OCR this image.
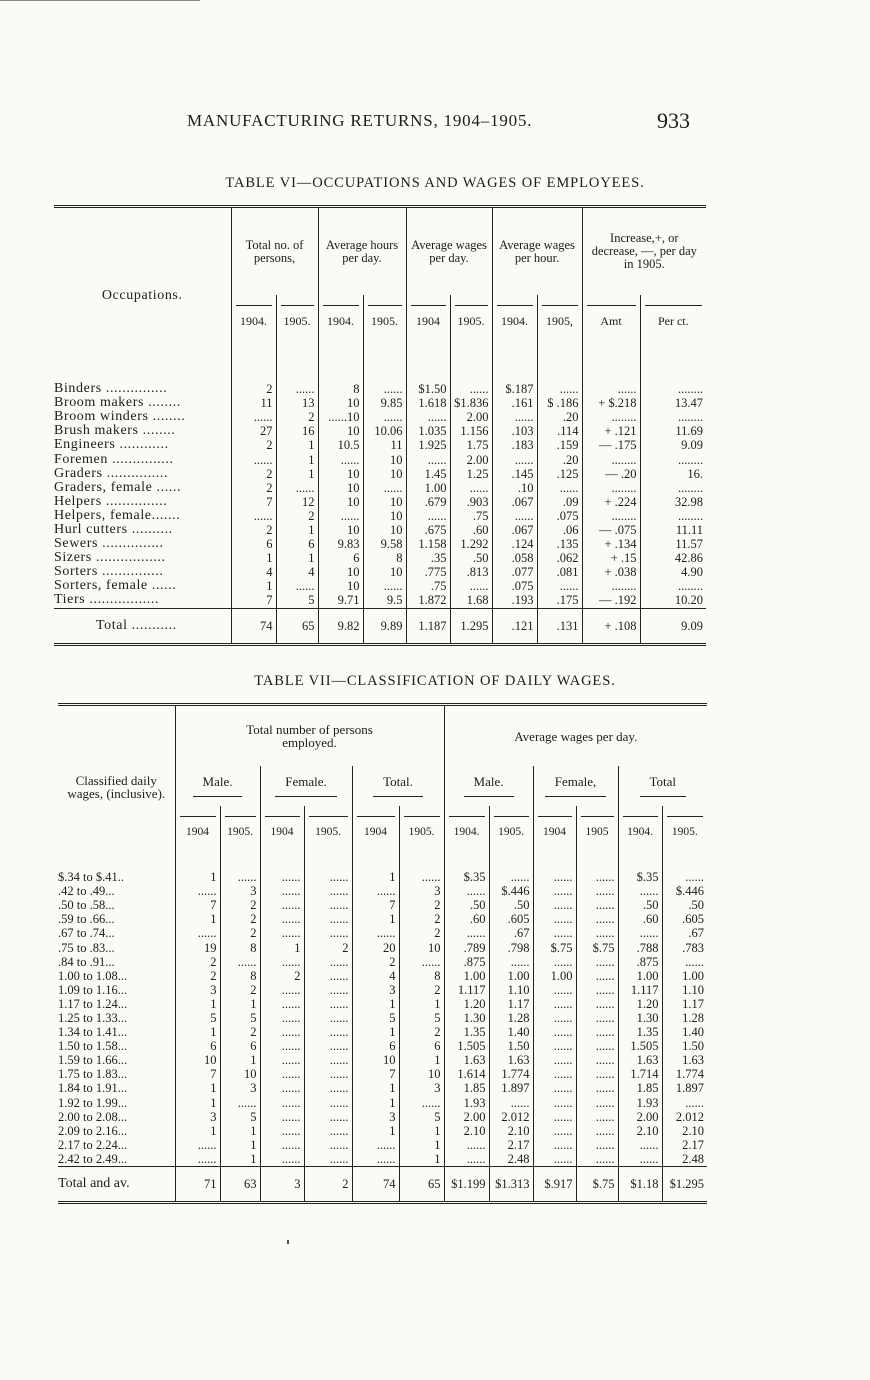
MANUFACTURING RETURNS, 1904–1905.	933
TABLE VI—OCCUPATIONS AND WAGES OF EMPLOYEES.
Occupations.	Total no. of persons,		Average hours per day.		Average wages per day.		Average wages per hour.		Increase,+, or decrease, —, per day in 1905.	

	1904.	1905.	1904.	1905.	1904	1905.	1904.	1905,	Amt	Per ct.

Binders ...............	2	......	8	......	$1.50	......	$.187	......	......	........
Broom makers ........	11	13	10	9.85	1.618	$1.836	.161	$ .186	+ $.218	13.47
Broom winders ........	......	2	......10	......	......	2.00	......	.20	........	........
Brush makers ........	27	16	10	10.06	1.035	1.156	.103	.114	+ .121	11.69
Engineers ............	2	1	10.5	11	1.925	1.75	.183	.159	— .175	9.09
Foremen ...............	......	1	......	10	......	2.00	......	.20	........	........
Graders ...............	2	1	10	10	1.45	1.25	.145	.125	— .20	16.
Graders, female ......	2	......	10	......	1.00	......	.10	......	........	........
Helpers ...............	7	12	10	10	.679	.903	.067	.09	+ .224	32.98
Helpers, female.......	......	2	......	10	......	.75	......	.075	........	........
Hurl cutters ..........	2	1	10	10	.675	.60	.067	.06	— .075	11.11
Sewers ...............	6	6	9.83	9.58	1.158	1.292	.124	.135	+ .134	11.57
Sizers .................	1	1	6	8	.35	.50	.058	.062	+ .15	42.86
Sorters ...............	4	4	10	10	.775	.813	.077	.081	+ .038	4.90
Sorters, female ......	1	......	10	......	.75	......	.075	......	........	........
Tiers .................	7	5	9.71	9.5	1.872	1.68	.193	.175	— .192	10.20
Total ...........	74	65	9.82	9.89	1.187	1.295	.121	.131	+ .108	9.09
TABLE VII—CLASSIFICATION OF DAILY WAGES.
Classified daily wages, (inclusive).	Total number of persons employed.						Average wages per day.					
	Male.		Female.		Total.		Male.		Female,		Total	

	1904	1905.	1904	1905.	1904	1905.	1904.	1905.	1904	1905	1904.	1905.

$.34 to $.41..	1	......	......	......	1	......	$.35	......	......	......	$.35	......
.42 to .49...	......	3	......	......	......	3	......	$.446	......	......	......	$.446
.50 to .58...	7	2	......	......	7	2	.50	.50	......	......	.50	.50
.59 to .66...	1	2	......	......	1	2	.60	.605	......	......	.60	.605
.67 to .74...	......	2	......	......	......	2	......	.67	......	......	......	.67
.75 to .83...	19	8	1	2	20	10	.789	.798	$.75	$.75	.788	.783
.84 to .91...	2	......	......	......	2	......	.875	......	......	......	.875	......
1.00 to 1.08...	2	8	2	......	4	8	1.00	1.00	1.00	......	1.00	1.00
1.09 to 1.16...	3	2	......	......	3	2	1.117	1.10	......	......	1.117	1.10
1.17 to 1.24...	1	1	......	......	1	1	1.20	1.17	......	......	1.20	1.17
1.25 to 1.33...	5	5	......	......	5	5	1.30	1.28	......	......	1.30	1.28
1.34 to 1.41...	1	2	......	......	1	2	1.35	1.40	......	......	1.35	1.40
1.50 to 1.58...	6	6	......	......	6	6	1.505	1.50	......	......	1.505	1.50
1.59 to 1.66...	10	1	......	......	10	1	1.63	1.63	......	......	1.63	1.63
1.75 to 1.83...	7	10	......	......	7	10	1.614	1.774	......	......	1.714	1.774
1.84 to 1.91...	1	3	......	......	1	3	1.85	1.897	......	......	1.85	1.897
1.92 to 1.99...	1	......	......	......	1	......	1.93	......	......	......	1.93	......
2.00 to 2.08...	3	5	......	......	3	5	2.00	2.012	......	......	2.00	2.012
2.09 to 2.16...	1	1	......	......	1	1	2.10	2.10	......	......	2.10	2.10
2.17 to 2.24...	......	1	......	......	......	1	......	2.17	......	......	......	2.17
2.42 to 2.49...	......	1	......	......	......	1	......	2.48	......	......	......	2.48
Total and av.	71	63	3	2	74	65	$1.199	$1.313	$.917	$.75	$1.18	$1.295
